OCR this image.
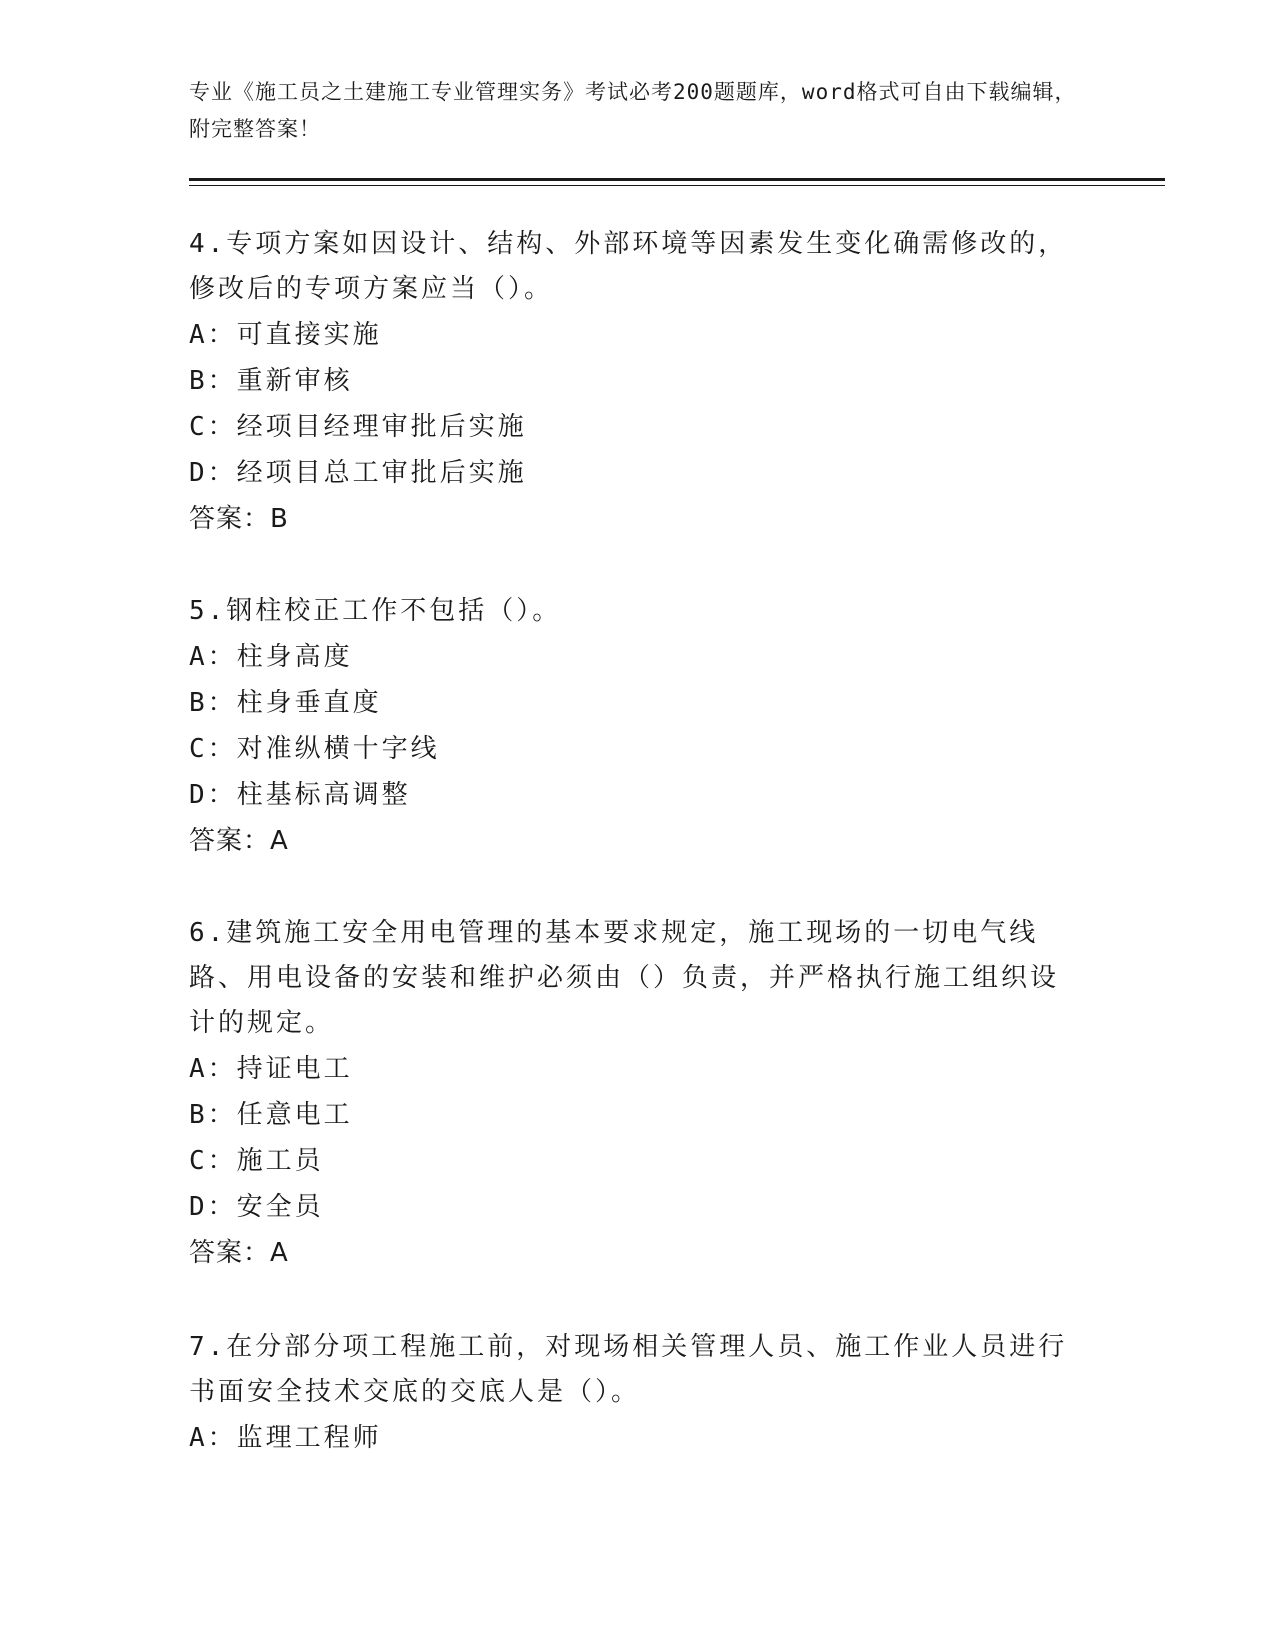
专业《施工员之土建施工专业管理实务》考试必考200题题库，word格式可自由下载编辑，附完整答案！
4.专项方案如因设计、结构、外部环境等因素发生变化确需修改的，修改后的专项方案应当（）。
A：可直接实施
B：重新审核
C：经项目经理审批后实施
D：经项目总工审批后实施
答案：B
5.钢柱校正工作不包括（）。
A：柱身高度
B：柱身垂直度
C：对准纵横十字线
D：柱基标高调整
答案：A
6.建筑施工安全用电管理的基本要求规定，施工现场的一切电气线路、用电设备的安装和维护必须由（）负责，并严格执行施工组织设计的规定。
A：持证电工
B：任意电工
C：施工员
D：安全员
答案：A
7.在分部分项工程施工前，对现场相关管理人员、施工作业人员进行书面安全技术交底的交底人是（）。
A：监理工程师
